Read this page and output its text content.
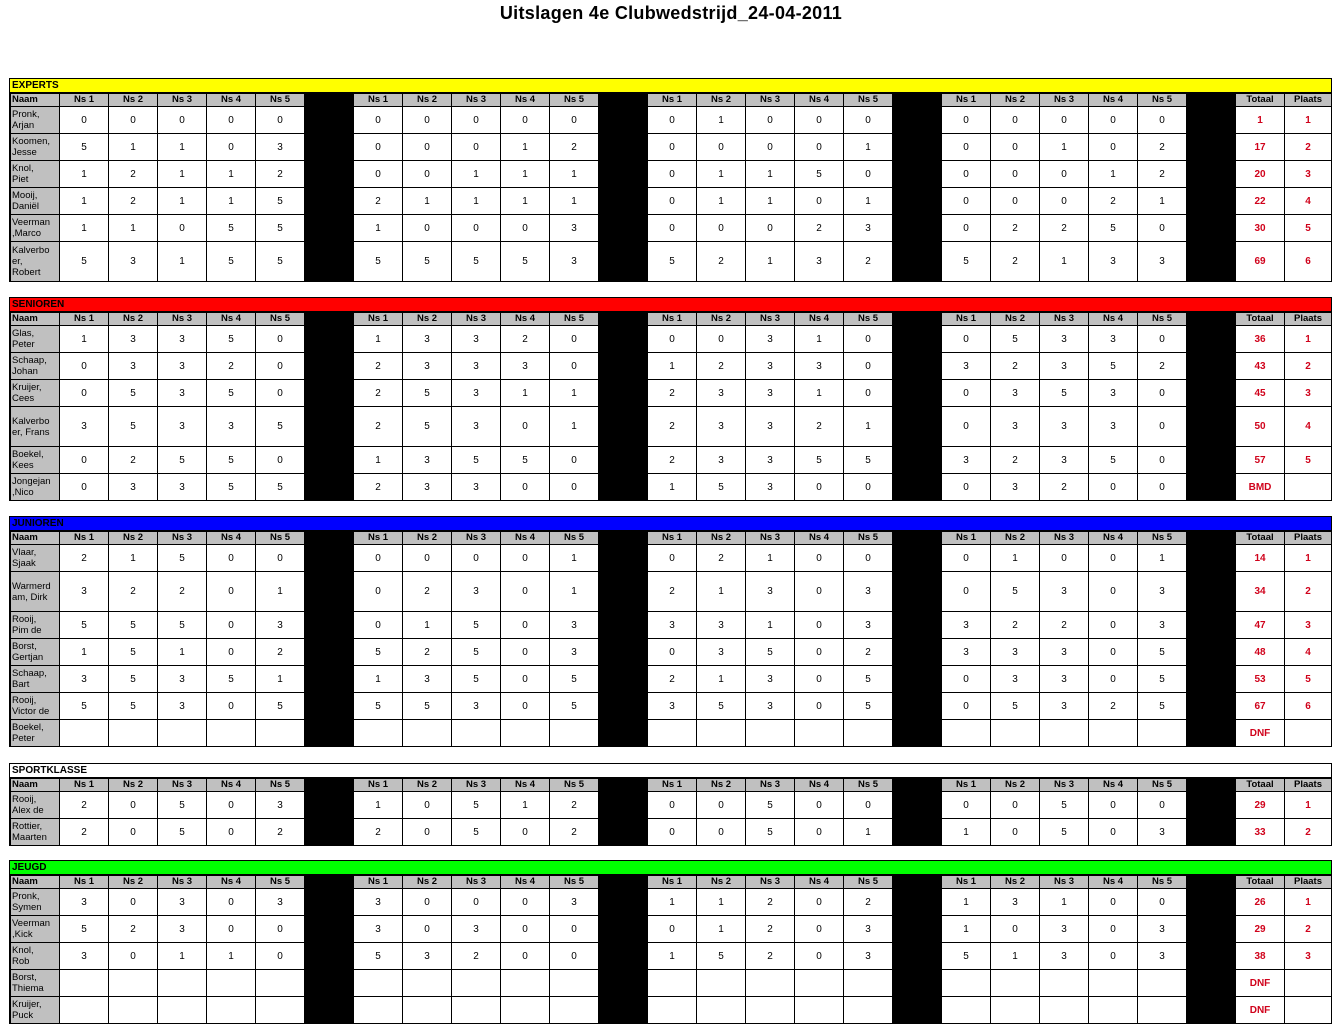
Uitslagen 4e Clubwedstrijd_24-04-2011
EXPERTS
Naam	Ns 1	Ns 2	Ns 3	Ns 4	Ns 5		Ns 1	Ns 2	Ns 3	Ns 4	Ns 5		Ns 1	Ns 2	Ns 3	Ns 4	Ns 5		Ns 1	Ns 2	Ns 3	Ns 4	Ns 5		Totaal	Plaats
Pronk,
Arjan	0	0	0	0	0		0	0	0	0	0		0	1	0	0	0		0	0	0	0	0		1	1
Koomen,
Jesse	5	1	1	0	3		0	0	0	1	2		0	0	0	0	1		0	0	1	0	2		17	2
Knol,
Piet	1	2	1	1	2		0	0	1	1	1		0	1	1	5	0		0	0	0	1	2		20	3
Mooij,
Daniël	1	2	1	1	5		2	1	1	1	1		0	1	1	0	1		0	0	0	2	1		22	4
Veerman
,Marco	1	1	0	5	5		1	0	0	0	3		0	0	0	2	3		0	2	2	5	0		30	5
Kalverbo
er,
Robert	5	3	1	5	5		5	5	5	5	3		5	2	1	3	2		5	2	1	3	3		69	6
SENIOREN
Naam	Ns 1	Ns 2	Ns 3	Ns 4	Ns 5		Ns 1	Ns 2	Ns 3	Ns 4	Ns 5		Ns 1	Ns 2	Ns 3	Ns 4	Ns 5		Ns 1	Ns 2	Ns 3	Ns 4	Ns 5		Totaal	Plaats
Glas,
Peter	1	3	3	5	0		1	3	3	2	0		0	0	3	1	0		0	5	3	3	0		36	1
Schaap,
Johan	0	3	3	2	0		2	3	3	3	0		1	2	3	3	0		3	2	3	5	2		43	2
Kruijer,
Cees	0	5	3	5	0		2	5	3	1	1		2	3	3	1	0		0	3	5	3	0		45	3
Kalverbo
er, Frans	3	5	3	3	5		2	5	3	0	1		2	3	3	2	1		0	3	3	3	0		50	4
Boekel,
Kees	0	2	5	5	0		1	3	5	5	0		2	3	3	5	5		3	2	3	5	0		57	5
Jongejan
,Nico	0	3	3	5	5		2	3	3	0	0		1	5	3	0	0		0	3	2	0	0		BMD	
JUNIOREN
Naam	Ns 1	Ns 2	Ns 3	Ns 4	Ns 5		Ns 1	Ns 2	Ns 3	Ns 4	Ns 5		Ns 1	Ns 2	Ns 3	Ns 4	Ns 5		Ns 1	Ns 2	Ns 3	Ns 4	Ns 5		Totaal	Plaats
Vlaar,
Sjaak	2	1	5	0	0		0	0	0	0	1		0	2	1	0	0		0	1	0	0	1		14	1
Warmerd
am, Dirk	3	2	2	0	1		0	2	3	0	1		2	1	3	0	3		0	5	3	0	3		34	2
Rooij,
Pim de	5	5	5	0	3		0	1	5	0	3		3	3	1	0	3		3	2	2	0	3		47	3
Borst,
Gertjan	1	5	1	0	2		5	2	5	0	3		0	3	5	0	2		3	3	3	0	5		48	4
Schaap,
Bart	3	5	3	5	1		1	3	5	0	5		2	1	3	0	5		0	3	3	0	5		53	5
Rooij,
Victor de	5	5	3	0	5		5	5	3	0	5		3	5	3	0	5		0	5	3	2	5		67	6
Boekel,
Peter																									DNF	
SPORTKLASSE
Naam	Ns 1	Ns 2	Ns 3	Ns 4	Ns 5		Ns 1	Ns 2	Ns 3	Ns 4	Ns 5		Ns 1	Ns 2	Ns 3	Ns 4	Ns 5		Ns 1	Ns 2	Ns 3	Ns 4	Ns 5		Totaal	Plaats
Rooij,
Alex de	2	0	5	0	3		1	0	5	1	2		0	0	5	0	0		0	0	5	0	0		29	1
Rottier,
Maarten	2	0	5	0	2		2	0	5	0	2		0	0	5	0	1		1	0	5	0	3		33	2
JEUGD
Naam	Ns 1	Ns 2	Ns 3	Ns 4	Ns 5		Ns 1	Ns 2	Ns 3	Ns 4	Ns 5		Ns 1	Ns 2	Ns 3	Ns 4	Ns 5		Ns 1	Ns 2	Ns 3	Ns 4	Ns 5		Totaal	Plaats
Pronk,
Symen	3	0	3	0	3		3	0	0	0	3		1	1	2	0	2		1	3	1	0	0		26	1
Veerman
,Kick	5	2	3	0	0		3	0	3	0	0		0	1	2	0	3		1	0	3	0	3		29	2
Knol,
Rob	3	0	1	1	0		5	3	2	0	0		1	5	2	0	3		5	1	3	0	3		38	3
Borst,
Thiema																									DNF	
Kruijer,
Puck																									DNF	
